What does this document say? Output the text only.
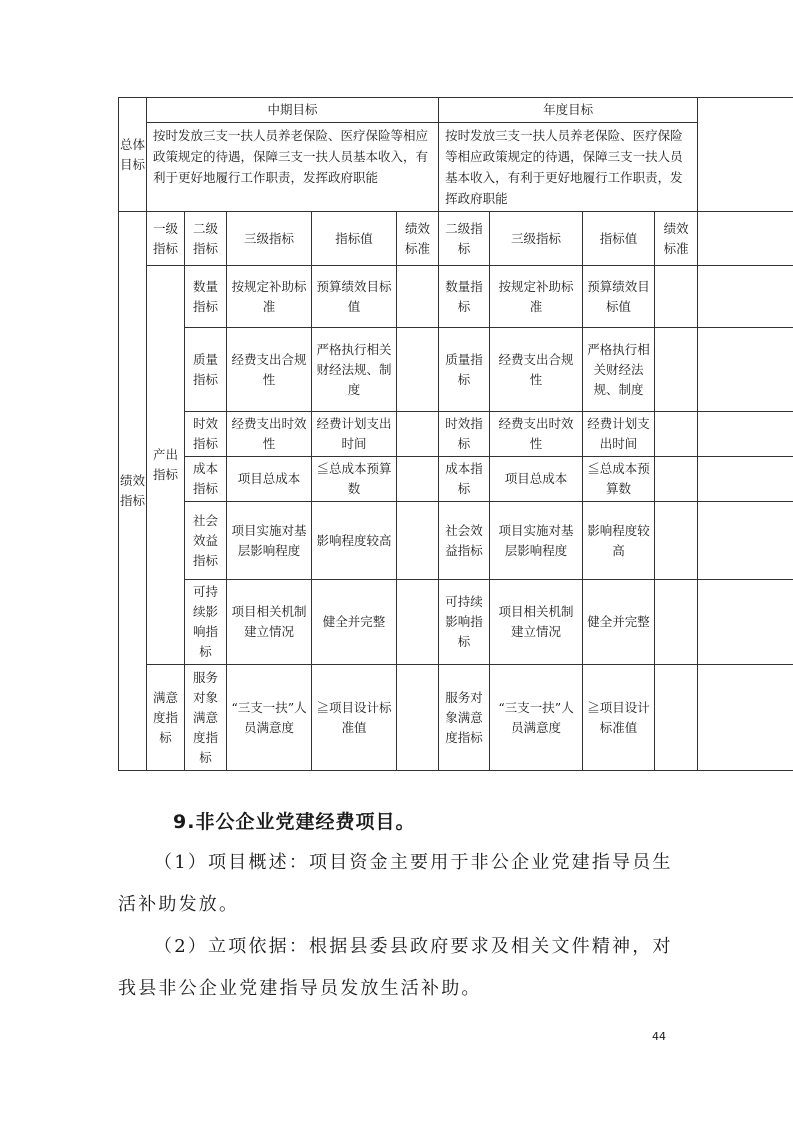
总体目标	中期目标					年度目标				
	按时发放三支一扶人员养老保险、医疗保险等相应政策规定的待遇，保障三支一扶人员基本收入，有利于更好地履行工作职责，发挥政府职能					按时发放三支一扶人员养老保险、医疗保险等相应政策规定的待遇，保障三支一扶人员基本收入，有利于更好地履行工作职责，发挥政府职能				
绩效指标	一级指标	二级指标	三级指标	指标值	绩效标准	二级指标	三级指标	指标值	绩效标准	
	产出指标	数量指标	按规定补助标准	预算绩效目标值		数量指标	按规定补助标准	预算绩效目标值		
		质量指标	经费支出合规性	严格执行相关财经法规、制度		质量指标	经费支出合规性	严格执行相关财经法规、制度		
		时效指标	经费支出时效性	经费计划支出时间		时效指标	经费支出时效性	经费计划支出时间		
		成本指标	项目总成本	≦总成本预算数		成本指标	项目总成本	≦总成本预算数		
		社会效益指标	项目实施对基层影响程度	影响程度较高		社会效益指标	项目实施对基层影响程度	影响程度较高		
		可持续影响指标	项目相关机制建立情况	健全并完整		可持续影响指标	项目相关机制建立情况	健全并完整		
	满意度指标	服务对象满意度指标	“三支一扶”人员满意度	≧项目设计标准值		服务对象满意度指标	“三支一扶”人员满意度	≧项目设计标准值		
9.非公企业党建经费项目。

（1）项目概述：项目资金主要用于非公企业党建指导员生活补助发放。

（2）立项依据：根据县委县政府要求及相关文件精神，对我县非公企业党建指导员发放生活补助。

44
